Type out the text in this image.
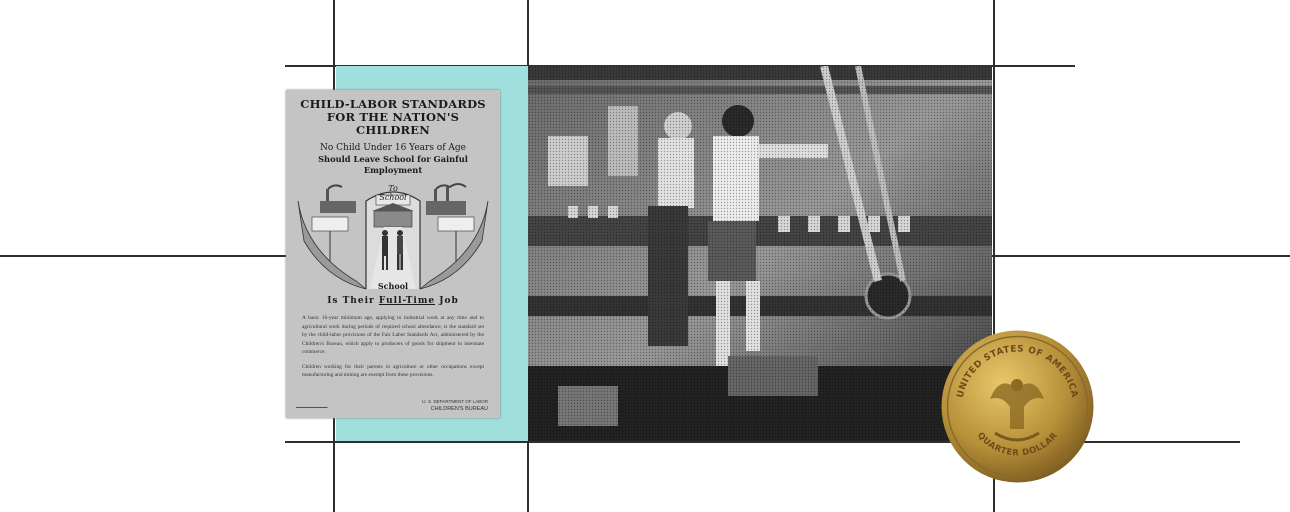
CHILD-LABOR STANDARDS
FOR THE NATION'S CHILDREN
No Child Under 16 Years of Age
Should Leave School for Gainful Employment
To School
School
Is Their Full-Time Job
A basic 16-year minimum age, applying to industrial work at any time and to agricultural work during periods of required school attendance, is the standard set by the child-labor provisions of the Fair Labor Standards Act, administered by the Children's Bureau, which apply to producers of goods for shipment in interstate commerce.
Children working for their parents in agriculture or other occupations except manufacturing and mining are exempt from these provisions.
▬▬▬▬▬▬▬▬▬
U. S. DEPARTMENT OF LABOR
CHILDREN'S BUREAU
UNITED STATES OF AMERICA
QUARTER DOLLAR
